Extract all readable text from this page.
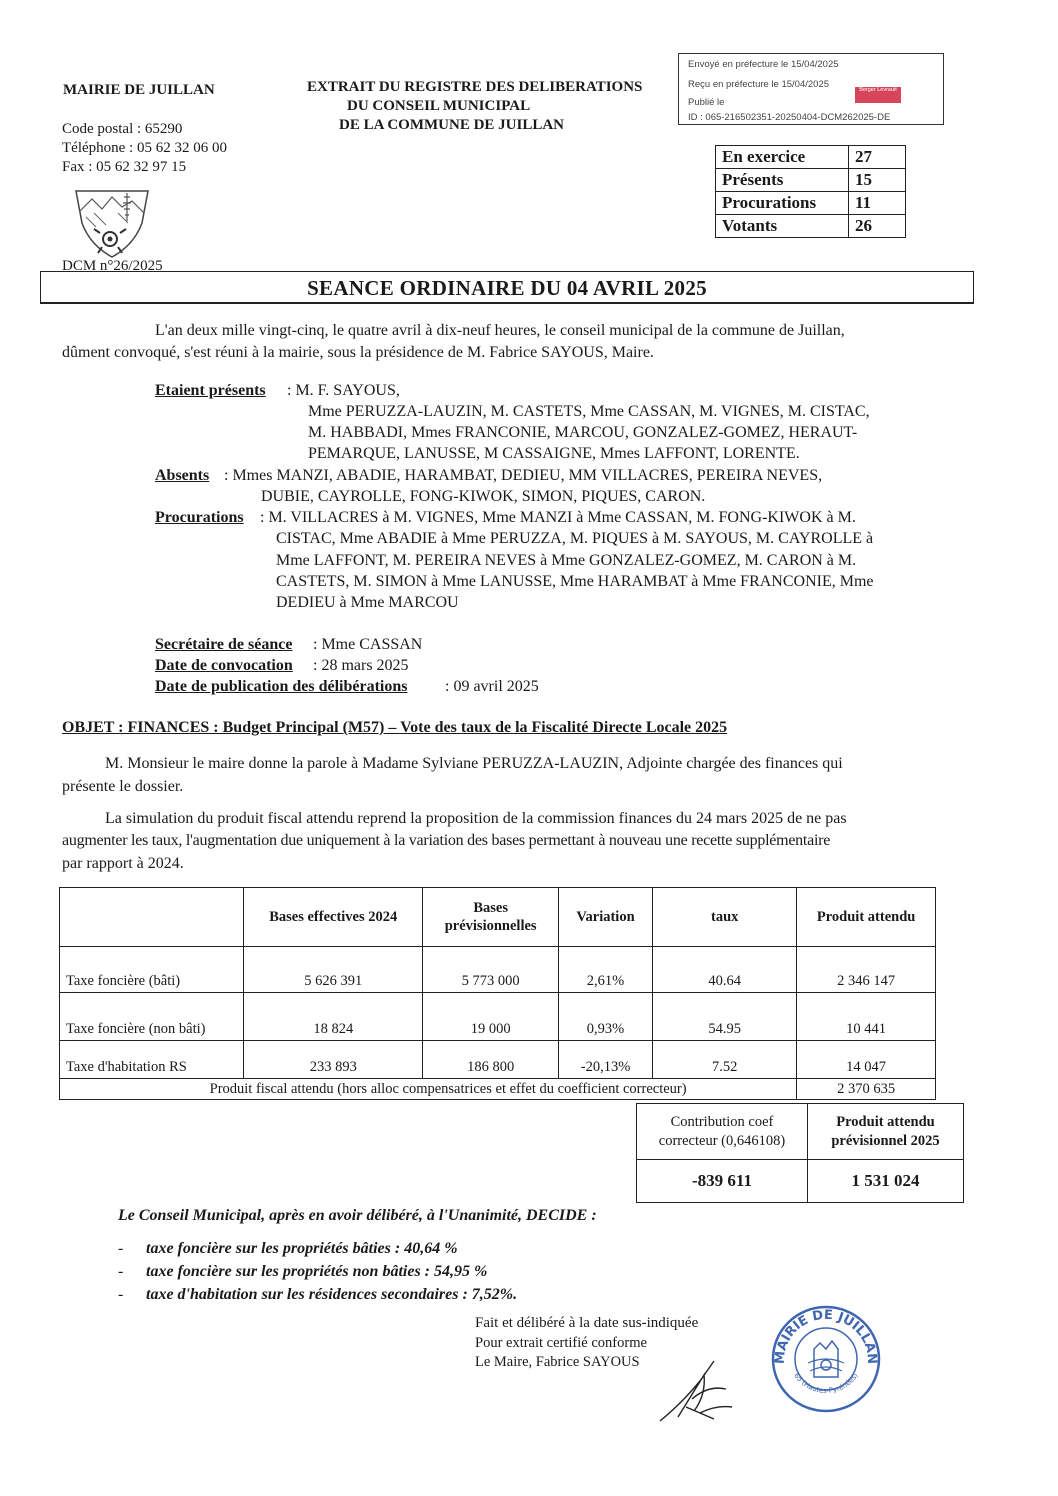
MAIRIE DE JUILLAN
Code postal : 65290
Téléphone : 05 62 32 06 00
Fax : 05 62 32 97 15
DCM n°26/2025
EXTRAIT DU REGISTRE DES DELIBERATIONS
DU CONSEIL MUNICIPAL
DE LA COMMUNE DE JUILLAN
Envoyé en préfecture le 15/04/2025
Reçu en préfecture le 15/04/2025
Publié le
ID : 065-216502351-20250404-DCM262025-DE
Berger Levrault
En exercice	27
Présents	15
Procurations	11
Votants	26
SEANCE ORDINAIRE DU 04 AVRIL 2025
L'an deux mille vingt-cinq, le quatre avril à dix-neuf heures, le conseil municipal de la commune de Juillan,
dûment convoqué, s'est réuni à la mairie, sous la présidence de M. Fabrice SAYOUS, Maire.
Etaient présents : M. F. SAYOUS,
Mme PERUZZA-LAUZIN, M. CASTETS, Mme CASSAN, M. VIGNES, M. CISTAC,
M. HABBADI, Mmes FRANCONIE, MARCOU, GONZALEZ-GOMEZ, HERAUT-
PEMARQUE, LANUSSE, M CASSAIGNE, Mmes LAFFONT, LORENTE.
Absents : Mmes MANZI, ABADIE, HARAMBAT, DEDIEU, MM VILLACRES, PEREIRA NEVES,
DUBIE, CAYROLLE, FONG-KIWOK, SIMON, PIQUES, CARON.
Procurations : M. VILLACRES à M. VIGNES, Mme MANZI à Mme CASSAN, M. FONG-KIWOK à M.
CISTAC, Mme ABADIE à Mme PERUZZA, M. PIQUES à M. SAYOUS, M. CAYROLLE à
Mme LAFFONT, M. PEREIRA NEVES à Mme GONZALEZ-GOMEZ, M. CARON à M.
CASTETS, M. SIMON à Mme LANUSSE, Mme HARAMBAT à Mme FRANCONIE, Mme
DEDIEU à Mme MARCOU
Secrétaire de séance : Mme CASSAN
Date de convocation : 28 mars 2025
Date de publication des délibérations : 09 avril 2025
OBJET : FINANCES : Budget Principal (M57) – Vote des taux de la Fiscalité Directe Locale 2025
M. Monsieur le maire donne la parole à Madame Sylviane PERUZZA-LAUZIN, Adjointe chargée des finances qui
présente le dossier.
La simulation du produit fiscal attendu reprend la proposition de la commission finances du 24 mars 2025 de ne pas
augmenter les taux, l'augmentation due uniquement à la variation des bases permettant à nouveau une recette supplémentaire
par rapport à 2024.
	Bases effectives 2024	Bases prévisionnelles	Variation	taux	Produit attendu
Taxe foncière (bâti)	5 626 391	5 773 000	2,61%	40.64	2 346 147
Taxe foncière (non bâti)	18 824	19 000	0,93%	54.95	10 441
Taxe d'habitation RS	233 893	186 800	-20,13%	7.52	14 047
Produit fiscal attendu (hors alloc compensatrices et effet du coefficient correcteur)					2 370 635
Contribution coef correcteur (0,646108)	Produit attendu prévisionnel 2025
-839 611	1 531 024
Le Conseil Municipal, après en avoir délibéré, à l'Unanimité, DECIDE :
- taxe foncière sur les propriétés bâties : 40,64 %
- taxe foncière sur les propriétés non bâties : 54,95 %
- taxe d'habitation sur les résidences secondaires : 7,52%.
Fait et délibéré à la date sus-indiquée
Pour extrait certifié conforme
Le Maire, Fabrice SAYOUS	MAIRIE DE JUILLAN
65 (Hautes-Pyrénées)
